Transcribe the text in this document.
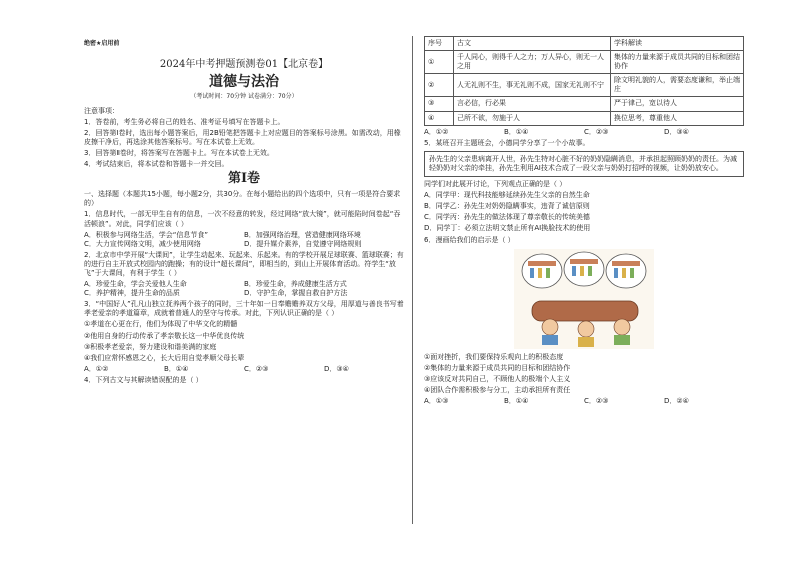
绝密★启用前
2024年中考押题预测卷01【北京卷】
道德与法治
（考试时间：70分钟 试卷满分：70分）
注意事项：
1．答卷前，考生务必将自己的姓名、准考证号填写在答题卡上。
2．回答第Ⅰ卷时，选出每小题答案后，用2B铅笔把答题卡上对应题目的答案标号涂黑。如需改动，用橡皮擦干净后，再选涂其他答案标号。写在本试卷上无效。
3．回答第Ⅱ卷时，将答案写在答题卡上。写在本试卷上无效。
4．考试结束后，将本试卷和答题卡一并交回。
第Ⅰ卷
一、选择题（本题共15小题，每小题2分，共30分。在每小题给出的四个选项中，只有一项是符合要求的）
1．信息时代，一部无甲生自有的信息，一次不经意的转发，经过网络“放大镜”，就可能陷时间卷起“吞活顿浪”。对此，同学们应该（ ）
A．积极参与网络生活，学会“信息节食”	B．加强网络治理，营造健康网络环境
C．大力宣传网络文明，减少使用网络	D．提升媒介素养，自觉遵守网络规则
2．北京市中学开展“大课间”，让学生动起来、玩起来、乐起来。有的学校开展足球联赛、篮球联赛；有的进行自主开放式校园内的跑操；有的设计“超长课间”，即相当的，到山上开展体育活动。符学生“放飞”于大课间，有利于学生（ ）
A．珍爱生命，学会关爱他人生命	B．珍爱生命，养成健康生活方式
C．养护精神，提升生命的品质	D．守护生命，掌握自救自护方法
3．“中国好人”孔凡山独立抚养两个孩子的同时，三十年如一日奉赡赡养双方父母，用厚道与善良书写着孝老爱亲的孝道篇章，成就着普通人的坚守与传承。对此，下列认识正确的是（ ）
①孝道在心更在行，他们为体现了中华文化的精髓
②他用自身的行动传承了孝亲敬长这一中华优良传统
③积极孝老爱亲，努力建设和谐美满的家庭
④我们应常怀感恩之心，长大后用自觉孝顺父母长辈
A．①②	B．①④	C．②③	D．③④
4．下列古文与其解读错误配的是（ ）
序号	古文	学科解读
①	千人同心，则得千人之力；万人异心，则无一人之用	集体的力量来源于成员共同的目标和团结协作
②	人无礼则不生，事无礼则不成，国家无礼则不宁	除文明礼貌的人，需要态度谦和，举止端庄
③	言必信，行必果	严于律己，宽以待人
④	己所不欲，勿施于人	换位思考，尊重他人
A．①②	B．①④	C．②③	D．③④
5．某班召开主题班会，小德同学分享了一个小故事。
孙先生的父亲患病离开人世，孙先生特对心脏不好的奶奶隐瞒消息，并承担起照顾奶奶的责任。为减轻奶奶对父亲的牵挂，孙先生利用AI技术合成了一段父亲与奶奶打招呼的视频，让奶奶放安心。
同学们对此展开讨论，下列观点正确的是（ ）
A．同学甲：现代科技能够延续孙先生父亲的自然生命
B．同学乙：孙先生对奶奶隐瞒事实，违背了诚信原则
C．同学丙：孙先生的做法体现了尊亲敬长的传统美德
D．同学丁：必须立法明文禁止所有AI换脸技术的使用
6．漫画给我们的启示是（ ）
①面对挫折，我们要保持乐观向上的积极态度
②集体的力量来源于成员共同的目标和团结协作
③应该反对共同自己，不顾他人的极端个人主义
④团队合作需积极参与分工，主动承担所有责任
A．①③	B．①④	C．②③	D．②④
